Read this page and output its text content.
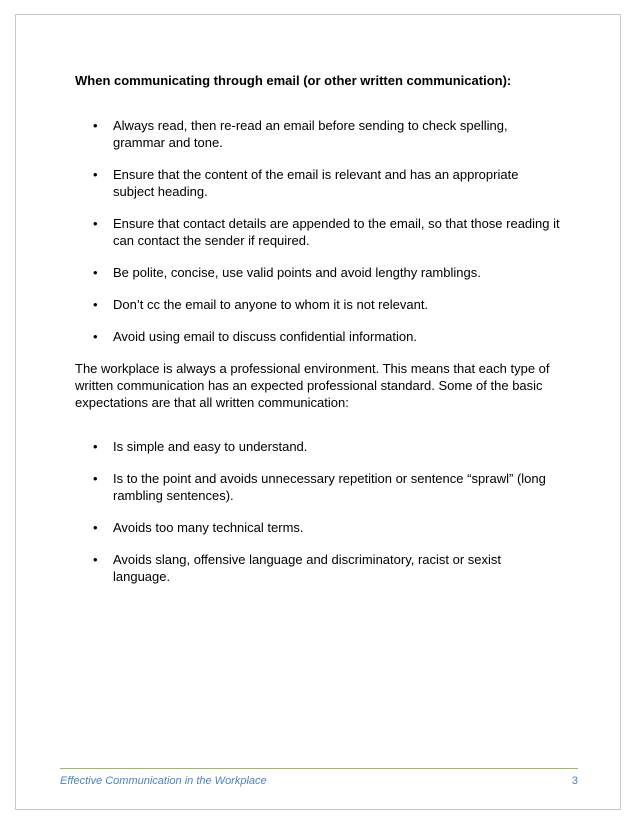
When communicating through email (or other written communication):

• Always read, then re-read an email before sending to check spelling, grammar and tone.
• Ensure that the content of the email is relevant and has an appropriate subject heading.
• Ensure that contact details are appended to the email, so that those reading it can contact the sender if required.
• Be polite, concise, use valid points and avoid lengthy ramblings.
• Don’t cc the email to anyone to whom it is not relevant.
• Avoid using email to discuss confidential information.

The workplace is always a professional environment. This means that each type of written communication has an expected professional standard. Some of the basic expectations are that all written communication:

• Is simple and easy to understand.
• Is to the point and avoids unnecessary repetition or sentence “sprawl” (long rambling sentences).
• Avoids too many technical terms.
• Avoids slang, offensive language and discriminatory, racist or sexist language.
Effective Communication in the Workplace	3
